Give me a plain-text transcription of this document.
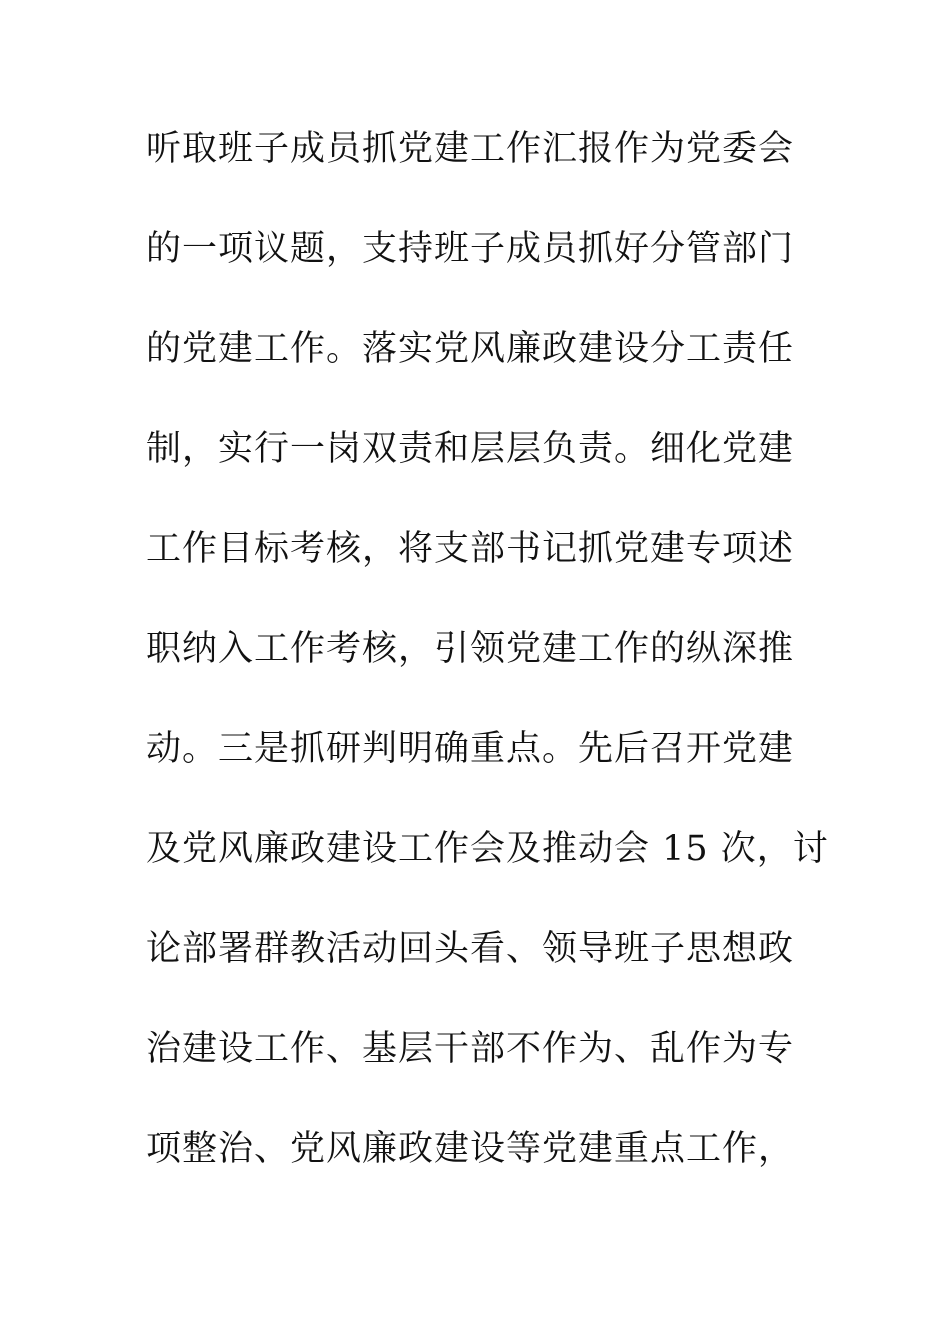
听取班子成员抓党建工作汇报作为党委会
的一项议题，支持班子成员抓好分管部门
的党建工作。落实党风廉政建设分工责任
制，实行一岗双责和层层负责。细化党建
工作目标考核，将支部书记抓党建专项述
职纳入工作考核，引领党建工作的纵深推
动。三是抓研判明确重点。先后召开党建
及党风廉政建设工作会及推动会 15 次，讨
论部署群教活动回头看、领导班子思想政
治建设工作、基层干部不作为、乱作为专
项整治、党风廉政建设等党建重点工作，
